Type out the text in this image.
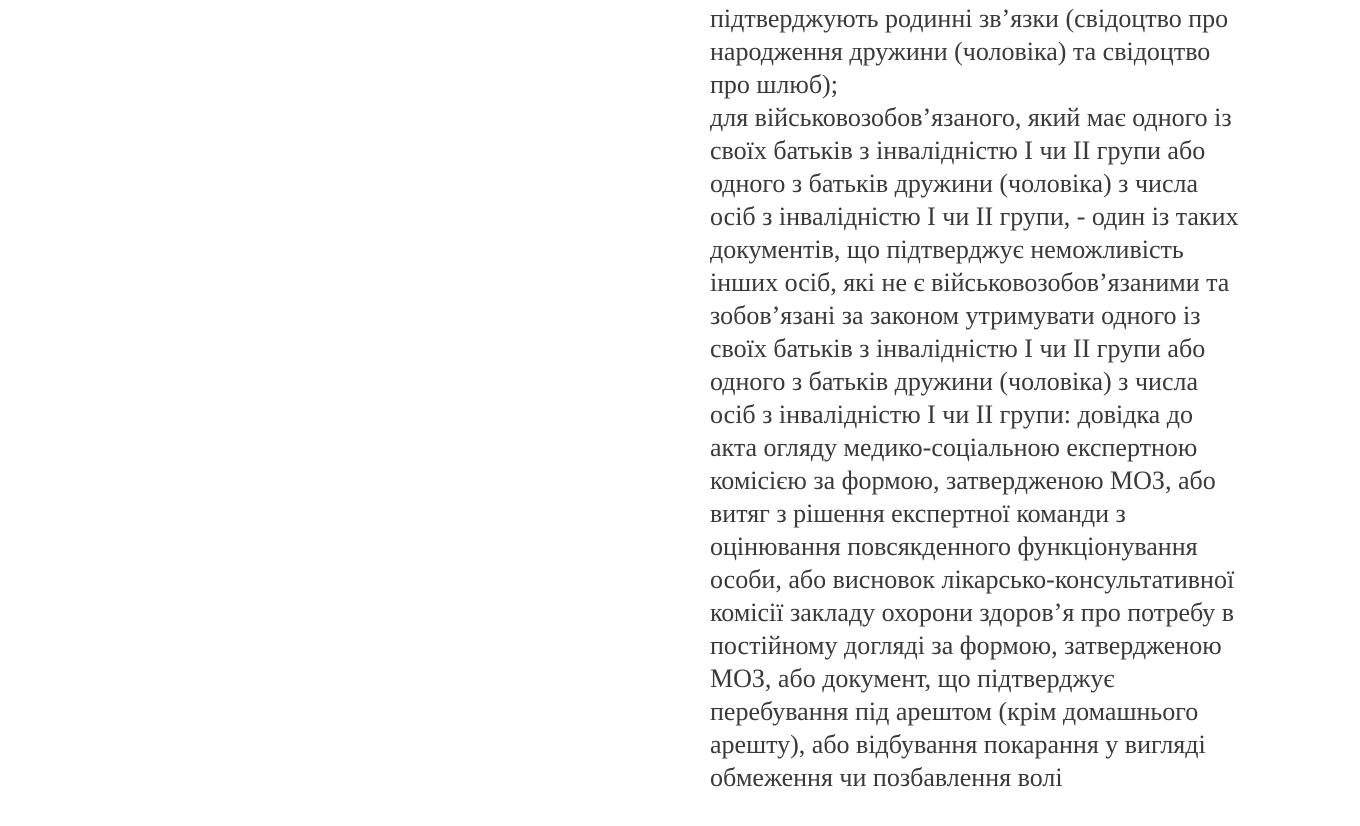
підтверджують родинні зв’язки (свідоцтво про
народження дружини (чоловіка) та свідоцтво
про шлюб);
для військовозобов’язаного, який має одного із
своїх батьків з інвалідністю I чи II групи або
одного з батьків дружини (чоловіка) з числа
осіб з інвалідністю I чи II групи, - один із таких
документів, що підтверджує неможливість
інших осіб, які не є військовозобов’язаними та
зобов’язані за законом утримувати одного із
своїх батьків з інвалідністю I чи II групи або
одного з батьків дружини (чоловіка) з числа
осіб з інвалідністю I чи II групи: довідка до
акта огляду медико-соціальною експертною
комісією за формою, затвердженою МОЗ, або
витяг з рішення експертної команди з
оцінювання повсякденного функціонування
особи, або висновок лікарсько-консультативної
комісії закладу охорони здоров’я про потребу в
постійному догляді за формою, затвердженою
МОЗ, або документ, що підтверджує
перебування під арештом (крім домашнього
арешту), або відбування покарання у вигляді
обмеження чи позбавлення волі
